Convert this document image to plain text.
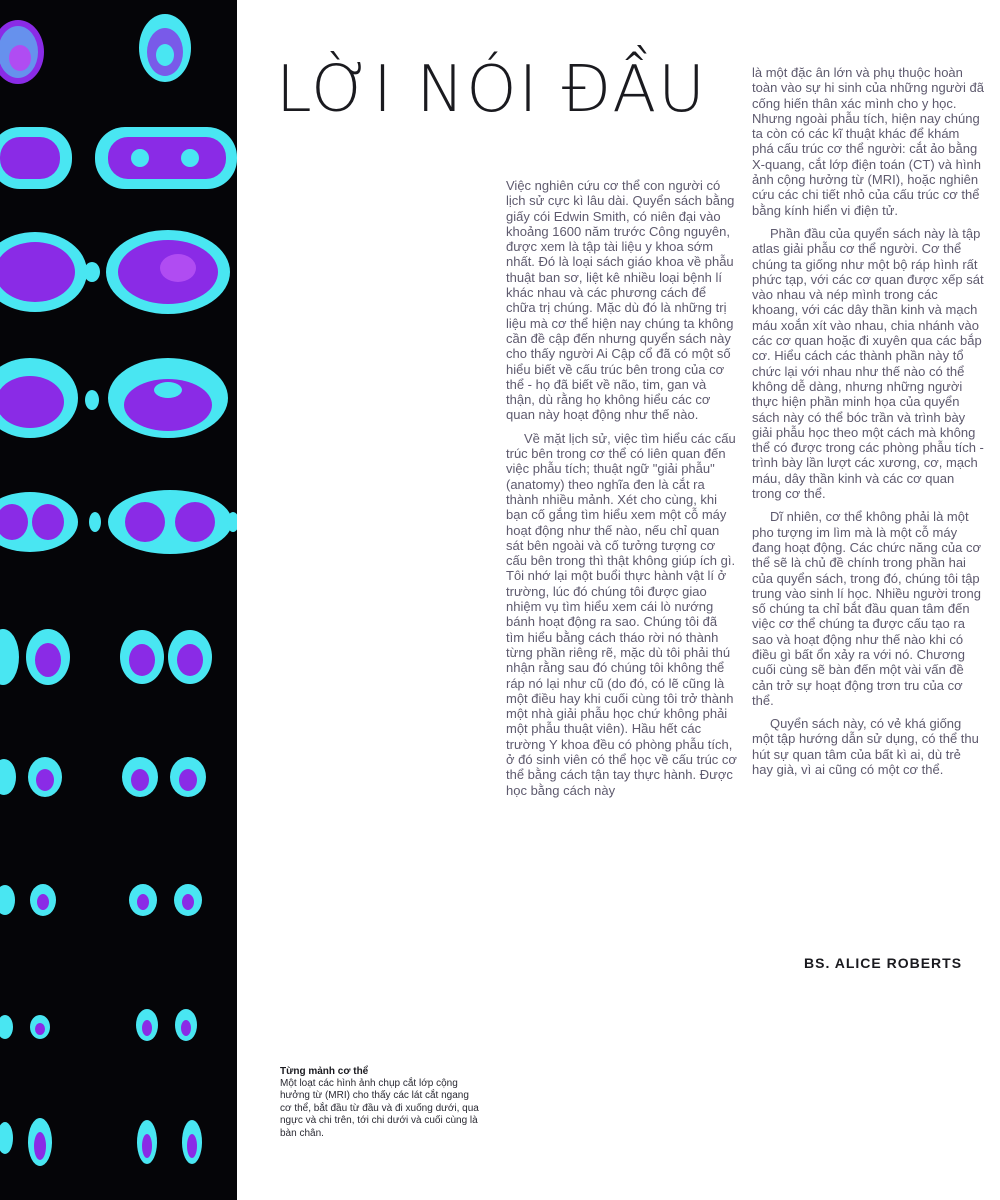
LỜI NÓI ĐẦU

Việc nghiên cứu cơ thể con người có lịch sử cực kì lâu dài. Quyển sách bằng giấy cói Edwin Smith, có niên đại vào khoảng 1600 năm trước Công nguyên, được xem là tập tài liệu y khoa sớm nhất. Đó là loại sách giáo khoa về phẫu thuật ban sơ, liệt kê nhiều loại bệnh lí khác nhau và các phương cách để chữa trị chúng. Mặc dù đó là những trị liệu mà cơ thể hiện nay chúng ta không cần đề cập đến nhưng quyển sách này cho thấy người Ai Cập cổ đã có một số hiểu biết về cấu trúc bên trong của cơ thể - họ đã biết về não, tim, gan và thận, dù rằng họ không hiểu các cơ quan này hoạt động như thế nào.

Về mặt lịch sử, việc tìm hiểu các cấu trúc bên trong cơ thể có liên quan đến việc phẫu tích; thuật ngữ "giải phẫu" (anatomy) theo nghĩa đen là cắt ra thành nhiều mảnh. Xét cho cùng, khi bạn cố gắng tìm hiểu xem một cỗ máy hoạt động như thế nào, nếu chỉ quan sát bên ngoài và cố tưởng tượng cơ cấu bên trong thì thật không giúp ích gì. Tôi nhớ lại một buổi thực hành vật lí ở trường, lúc đó chúng tôi được giao nhiệm vụ tìm hiểu xem cái lò nướng bánh hoạt động ra sao. Chúng tôi đã tìm hiểu bằng cách tháo rời nó thành từng phần riêng rẽ, mặc dù tôi phải thú nhận rằng sau đó chúng tôi không thể ráp nó lại như cũ (do đó, có lẽ cũng là một điều hay khi cuối cùng tôi trở thành một nhà giải phẫu học chứ không phải một phẫu thuật viên). Hầu hết các trường Y khoa đều có phòng phẫu tích, ở đó sinh viên có thể học về cấu trúc cơ thể bằng cách tận tay thực hành. Được học bằng cách này

là một đặc ân lớn và phụ thuộc hoàn toàn vào sự hi sinh của những người đã cống hiến thân xác mình cho y học. Nhưng ngoài phẫu tích, hiện nay chúng ta còn có các kĩ thuật khác để khám phá cấu trúc cơ thể người: cắt ảo bằng X-quang, cắt lớp điện toán (CT) và hình ảnh cộng hưởng từ (MRI), hoặc nghiên cứu các chi tiết nhỏ của cấu trúc cơ thể bằng kính hiển vi điện tử.

Phần đầu của quyển sách này là tập atlas giải phẫu cơ thể người. Cơ thể chúng ta giống như một bộ ráp hình rất phức tạp, với các cơ quan được xếp sát vào nhau và nép mình trong các khoang, với các dây thần kinh và mạch máu xoắn xít vào nhau, chia nhánh vào các cơ quan hoặc đi xuyên qua các bắp cơ. Hiểu cách các thành phần này tổ chức lại với nhau như thế nào có thể không dễ dàng, nhưng những người thực hiện phần minh họa của quyển sách này có thể bóc trần và trình bày giải phẫu học theo một cách mà không thể có được trong các phòng phẫu tích - trình bày lần lượt các xương, cơ, mạch máu, dây thần kinh và các cơ quan trong cơ thể.

Dĩ nhiên, cơ thể không phải là một pho tượng im lìm mà là một cỗ máy đang hoạt động. Các chức năng của cơ thể sẽ là chủ đề chính trong phần hai của quyển sách, trong đó, chúng tôi tập trung vào sinh lí học. Nhiều người trong số chúng ta chỉ bắt đầu quan tâm đến việc cơ thể chúng ta được cấu tạo ra sao và hoạt động như thế nào khi có điều gì bất ổn xảy ra với nó. Chương cuối cùng sẽ bàn đến một vài vấn đề cản trở sự hoạt động trơn tru của cơ thể.

Quyển sách này, có vẻ khá giống một tập hướng dẫn sử dụng, có thể thu hút sự quan tâm của bất kì ai, dù trẻ hay già, vì ai cũng có một cơ thể.

BS. ALICE ROBERTS

Từng mảnh cơ thể

Một loạt các hình ảnh chụp cắt lớp cộng hưởng từ (MRI) cho thấy các lát cắt ngang cơ thể, bắt đầu từ đầu và đi xuống dưới, qua ngực và chi trên, tới chi dưới và cuối cùng là bàn chân.
